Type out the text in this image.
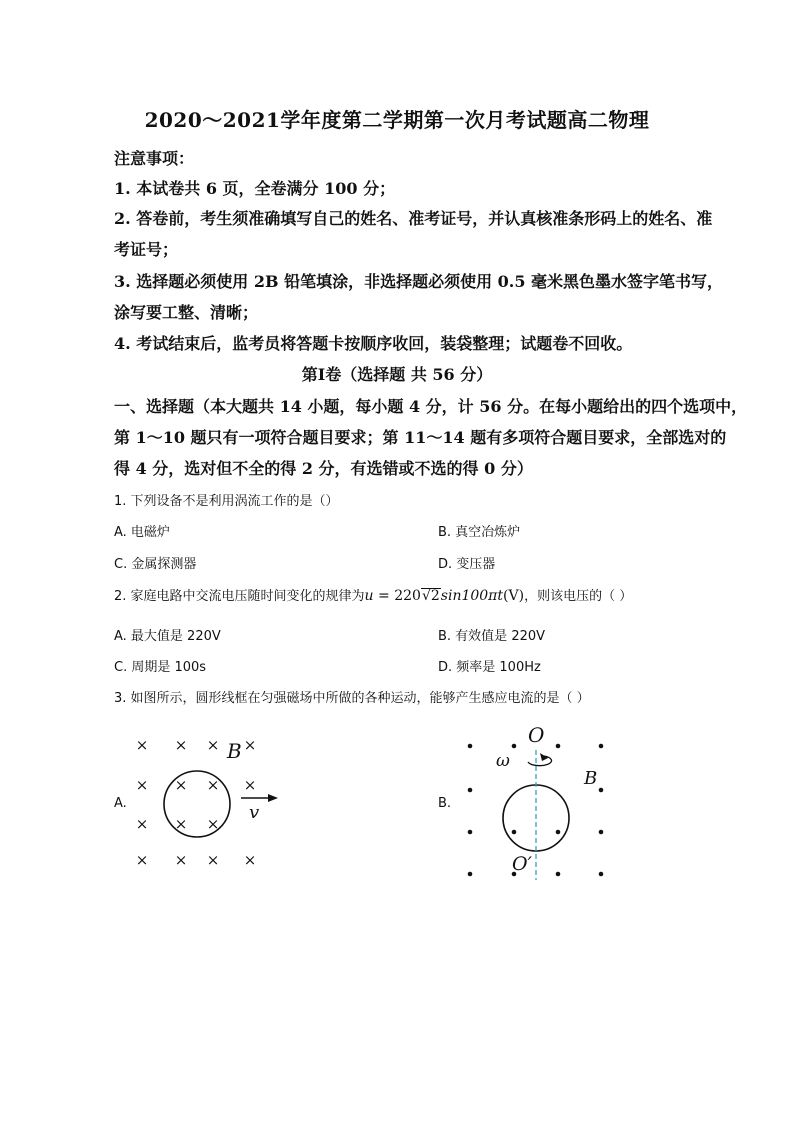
2020～2021学年度第二学期第一次月考试题高二物理
注意事项：
1. 本试卷共 6 页，全卷满分 100 分；
2. 答卷前，考生须准确填写自己的姓名、准考证号，并认真核准条形码上的姓名、准
考证号；
3. 选择题必须使用 2B 铅笔填涂，非选择题必须使用 0.5 毫米黑色墨水签字笔书写，
涂写要工整、清晰；
4. 考试结束后，监考员将答题卡按顺序收回，装袋整理；试题卷不回收。
第Ⅰ卷（选择题 共 56 分）
一、选择题（本大题共 14 小题，每小题 4 分，计 56 分。在每小题给出的四个选项中，
第 1～10 题只有一项符合题目要求；第 11～14 题有多项符合题目要求，全部选对的
得 4 分，选对但不全的得 2 分，有选错或不选的得 0 分）
1. 下列设备不是利用涡流工作的是（）
A. 电磁炉	B. 真空冶炼炉
C. 金属探测器	D. 变压器
2. 家庭电路中交流电压随时间变化的规律为u = 220√2sin100πt(V)，则该电压的（ ）
A. 最大值是 220V	B. 有效值是 220V
C. 周期是 100s	D. 频率是 100Hz
3. 如图所示，圆形线框在匀强磁场中所做的各种运动，能够产生感应电流的是（ ）
A.	B.
× × × ×
× × × ×
× × ×
× × × ×
B
v
O
O′
ω
B
